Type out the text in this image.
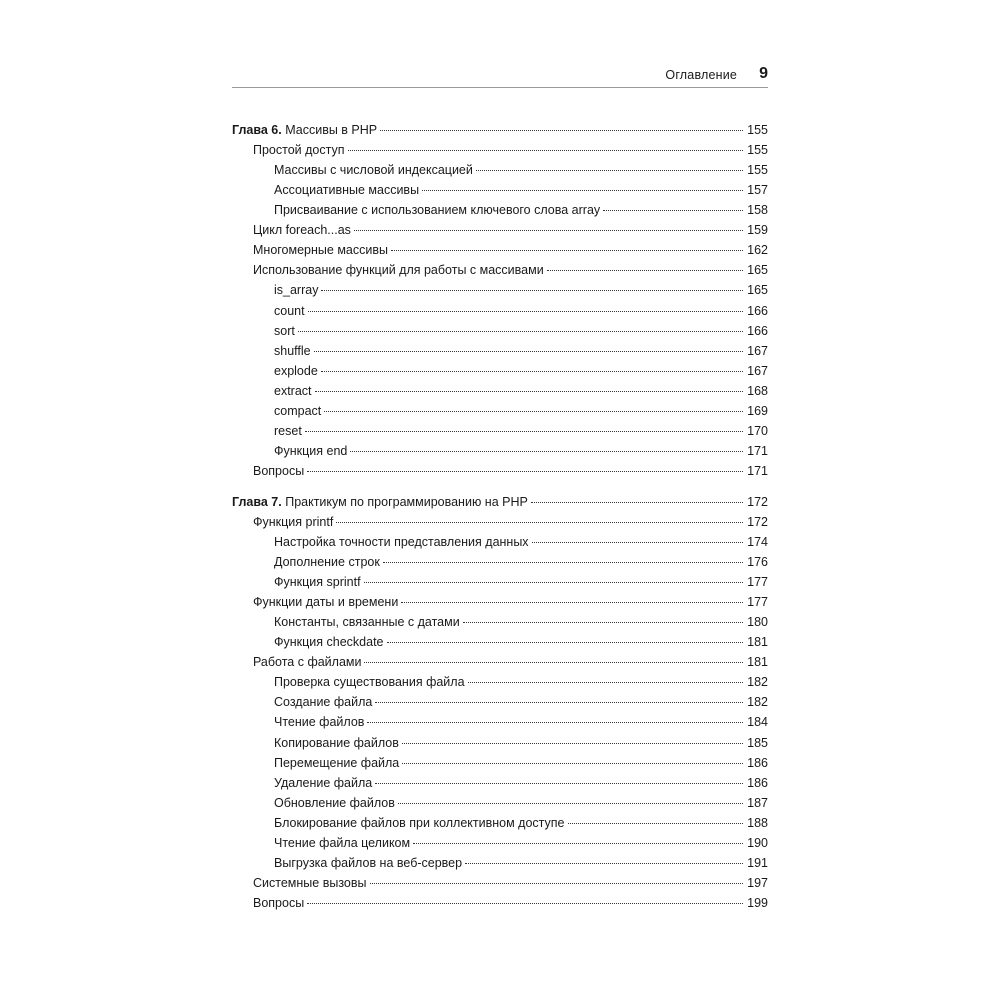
Оглавление 9
Глава 6. Массивы в PHP	155
Простой доступ	155
Массивы с числовой индексацией	155
Ассоциативные массивы	157
Присваивание с использованием ключевого слова array	158
Цикл foreach...as	159
Многомерные массивы	162
Использование функций для работы с массивами	165
is_array	165
count	166
sort	166
shuffle	167
explode	167
extract	168
compact	169
reset	170
Функция end	171
Вопросы	171
Глава 7. Практикум по программированию на PHP	172
Функция printf	172
Настройка точности представления данных	174
Дополнение строк	176
Функция sprintf	177
Функции даты и времени	177
Константы, связанные с датами	180
Функция checkdate	181
Работа с файлами	181
Проверка существования файла	182
Создание файла	182
Чтение файлов	184
Копирование файлов	185
Перемещение файла	186
Удаление файла	186
Обновление файлов	187
Блокирование файлов при коллективном доступе	188
Чтение файла целиком	190
Выгрузка файлов на веб-сервер	191
Системные вызовы	197
Вопросы	199
